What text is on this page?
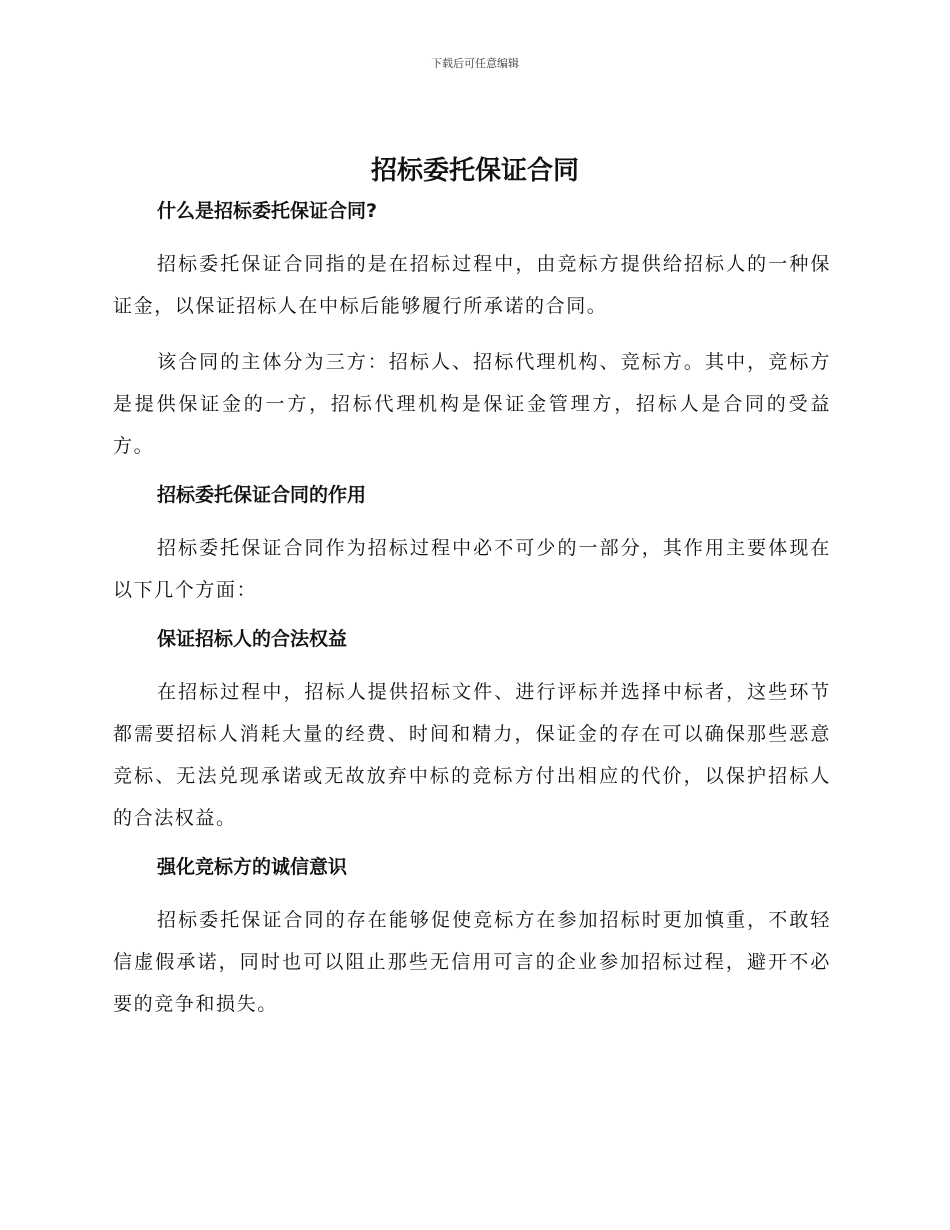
下载后可任意编辑
招标委托保证合同
什么是招标委托保证合同?

招标委托保证合同指的是在招标过程中，由竞标方提供给招标人的一种保证金，以保证招标人在中标后能够履行所承诺的合同。

该合同的主体分为三方：招标人、招标代理机构、竞标方。其中，竞标方是提供保证金的一方，招标代理机构是保证金管理方，招标人是合同的受益方。

招标委托保证合同的作用

招标委托保证合同作为招标过程中必不可少的一部分，其作用主要体现在以下几个方面：

保证招标人的合法权益

在招标过程中，招标人提供招标文件、进行评标并选择中标者，这些环节都需要招标人消耗大量的经费、时间和精力，保证金的存在可以确保那些恶意竞标、无法兑现承诺或无故放弃中标的竞标方付出相应的代价，以保护招标人的合法权益。

强化竞标方的诚信意识

招标委托保证合同的存在能够促使竞标方在参加招标时更加慎重，不敢轻信虚假承诺，同时也可以阻止那些无信用可言的企业参加招标过程，避开不必要的竞争和损失。
